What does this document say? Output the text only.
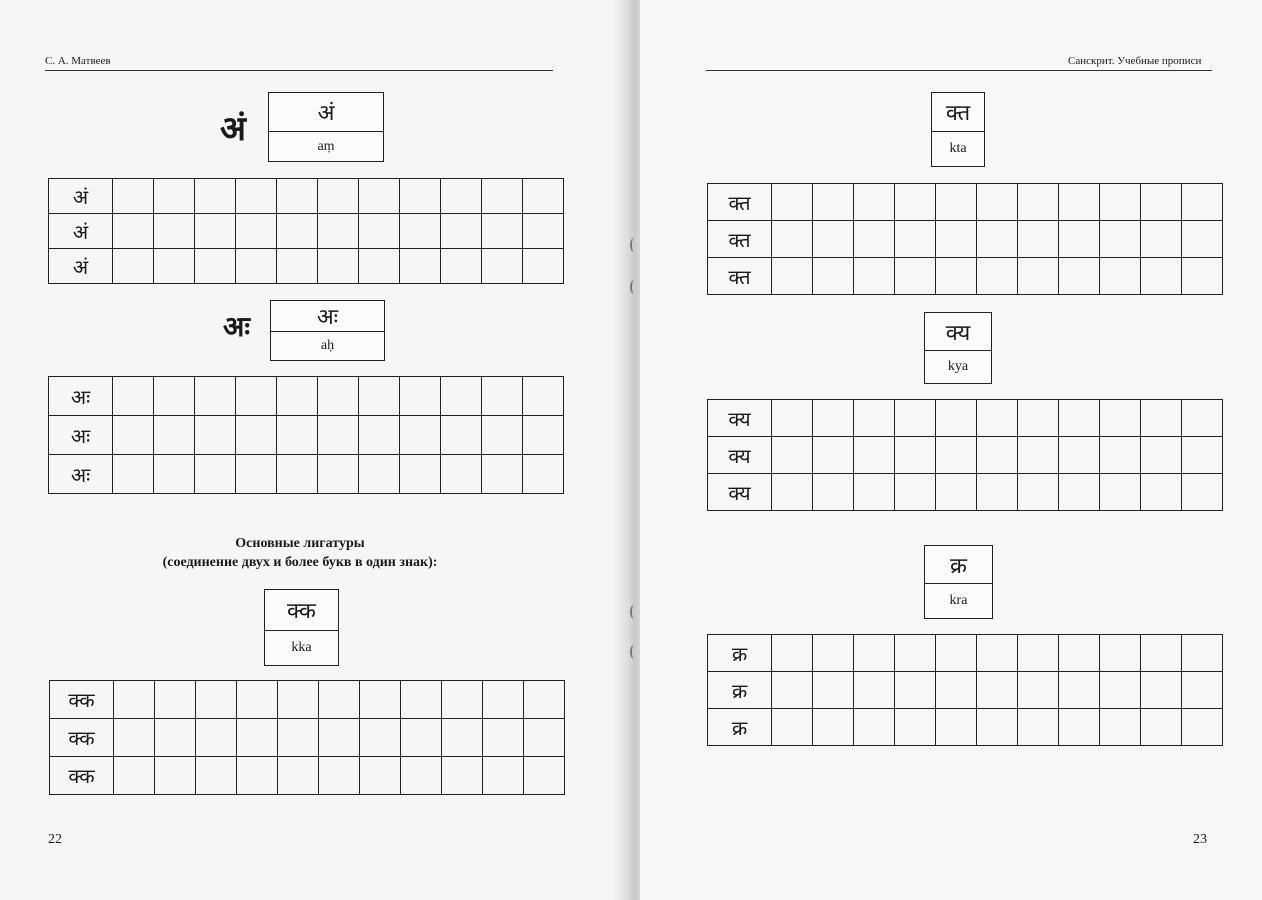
С. А. Матвеев
अं	अं
aṃ
अं											
अं											
अं											
अः	अः
aḥ
अः											
अः											
अः											
Основные лигатуры
(соединение двух и более букв в один знак):
क्क
kka
क्क											
क्क											
क्क											
22
Санскрит. Учебные прописи
क्त
kta
क्त											
क्त											
क्त											
क्य
kya
क्य											
क्य											
क्य											
क्र
kra
क्र											
क्र											
क्र											
23
